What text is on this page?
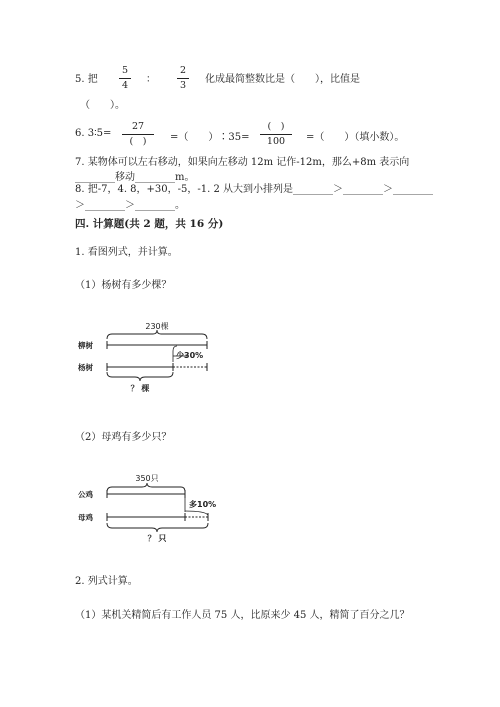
5. 把
5
4 ：
2
3 化成最简整数比是（　　），比值是
（　　）。
6. 3∶5=
27
(　)	=（　　）∶35=
(　)
100	=（　　）（填小数）。
7. 某物体可以左右移动，如果向左移动 12m 记作-12m，那么+8m 表示向
________移动________m。
8. 把-7，4. 8，+30，-5，-1. 2 从大到小排列是________＞________＞________
＞________＞________。
四. 计算题(共 2 题，共 16 分)
1. 看图列式，并计算。
（1）杨树有多少棵？
230棵
柳树
少30%
杨树
？ 棵
（2）母鸡有多少只？
350只
公鸡
多10%
母鸡
？ 只
2. 列式计算。
（1）某机关精简后有工作人员 75 人，比原来少 45 人，精简了百分之几？
